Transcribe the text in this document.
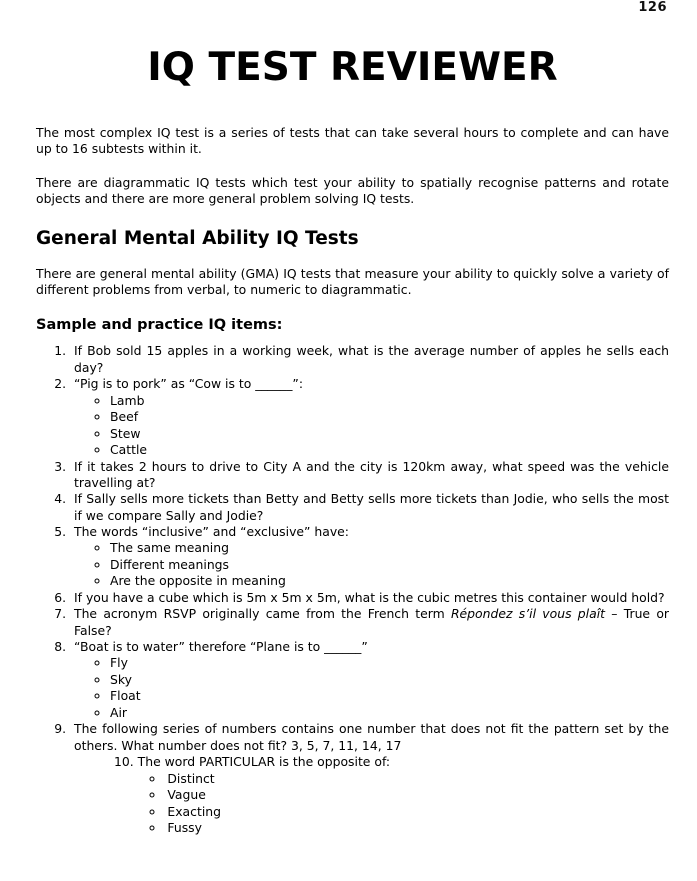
126
IQ TEST REVIEWER

The most complex IQ test is a series of tests that can take several hours to complete and can have up to 16 subtests within it.

There are diagrammatic IQ tests which test your ability to spatially recognise patterns and rotate objects and there are more general problem solving IQ tests.

General Mental Ability IQ Tests

There are general mental ability (GMA) IQ tests that measure your ability to quickly solve a variety of different problems from verbal, to numeric to diagrammatic.

Sample and practice IQ items:
1. If Bob sold 15 apples in a working week, what is the average number of apples he sells each day?
2. “Pig is to pork” as “Cow is to ______”:
◦ Lamb
◦ Beef
◦ Stew
◦ Cattle
3. If it takes 2 hours to drive to City A and the city is 120km away, what speed was the vehicle travelling at?
4. If Sally sells more tickets than Betty and Betty sells more tickets than Jodie, who sells the most if we compare Sally and Jodie?
5. The words “inclusive” and “exclusive” have:
◦ The same meaning
◦ Different meanings
◦ Are the opposite in meaning
6. If you have a cube which is 5m x 5m x 5m, what is the cubic metres this container would hold?
7. The acronym RSVP originally came from the French term Répondez s’il vous plaît – True or False?
8. “Boat is to water” therefore “Plane is to ______”
◦ Fly
◦ Sky
◦ Float
◦ Air
9. The following series of numbers contains one number that does not fit the pattern set by the others. What number does not fit? 3, 5, 7, 11, 14, 17
10. The word PARTICULAR is the opposite of:
◦ Distinct
◦ Vague
◦ Exacting
◦ Fussy
